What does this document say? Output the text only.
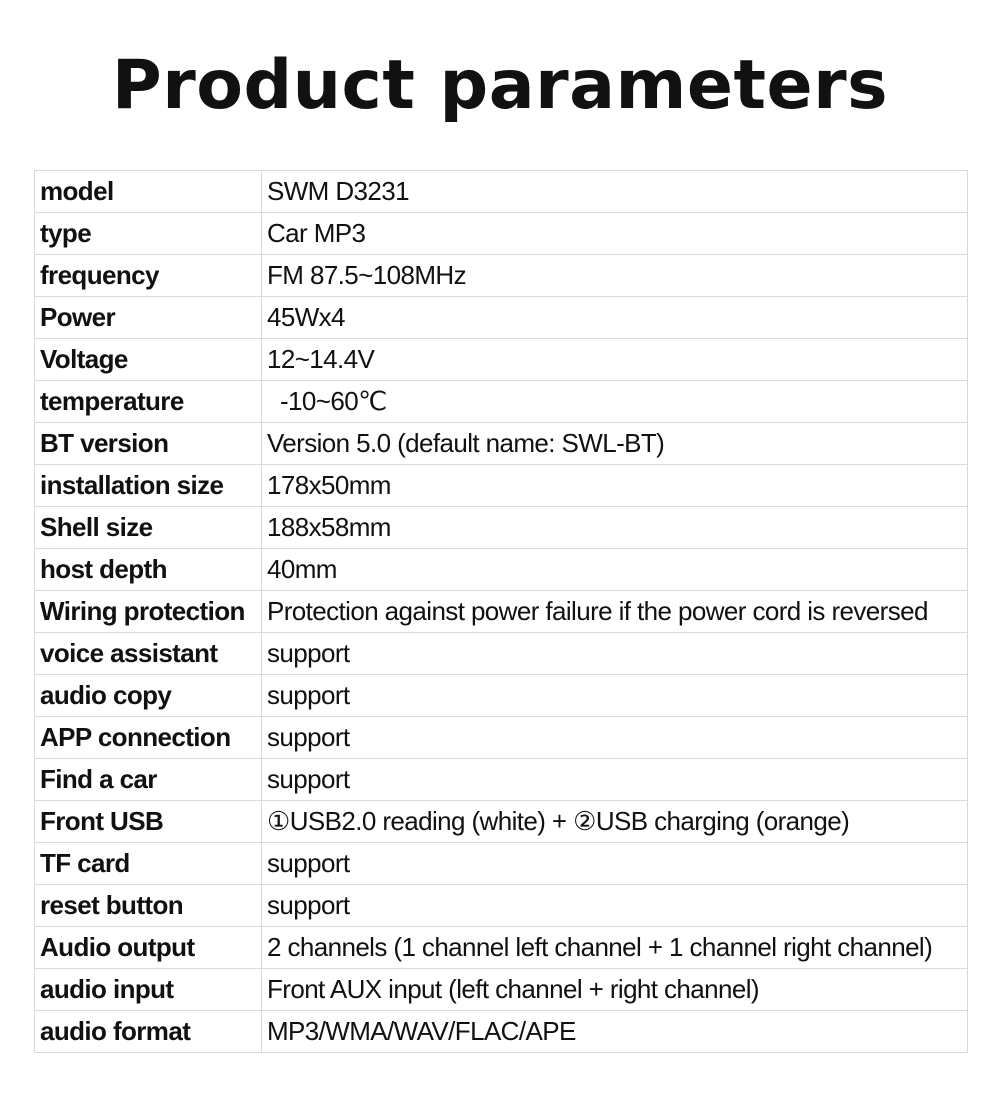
Product parameters
model	SWM D3231
type	Car MP3
frequency	FM 87.5~108MHz
Power	45Wx4
Voltage	12~14.4V
temperature	-10~60℃
BT version	Version 5.0 (default name: SWL-BT)
installation size	178x50mm
Shell size	188x58mm
host depth	40mm
Wiring protection	Protection against power failure if the power cord is reversed
voice assistant	support
audio copy	support
APP connection	support
Find a car	support
Front USB	①USB2.0 reading (white) + ②USB charging (orange)
TF card	support
reset button	support
Audio output	2 channels (1 channel left channel + 1 channel right channel)
audio input	Front AUX input (left channel + right channel)
audio format	MP3/WMA/WAV/FLAC/APE
